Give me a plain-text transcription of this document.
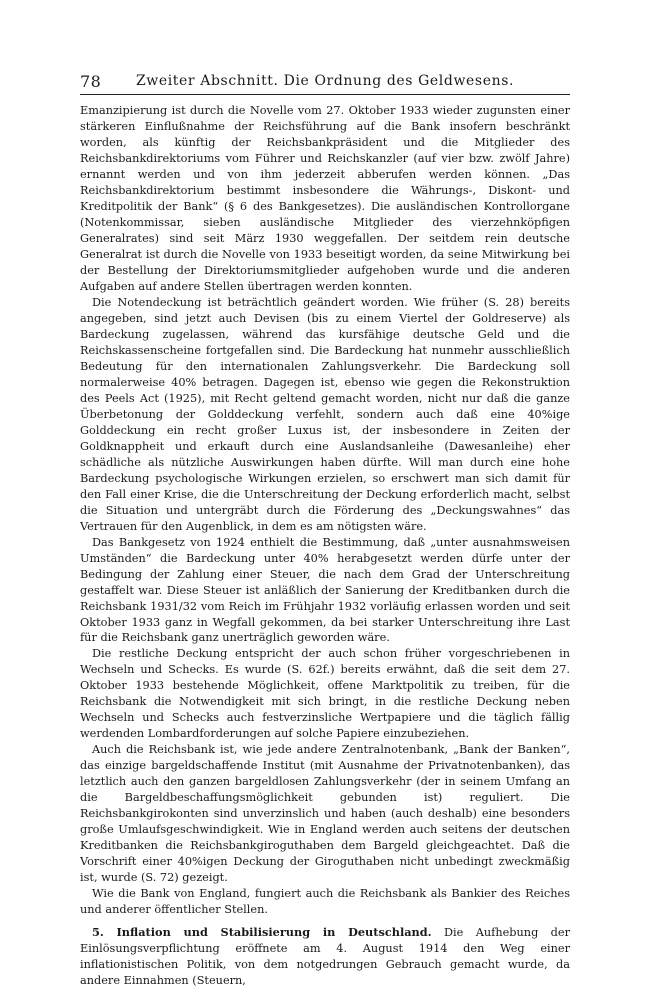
78	Zweiter Abschnitt. Die Ordnung des Geldwesens.

Emanzipierung ist durch die Novelle vom 27. Oktober 1933 wieder zugunsten einer stärkeren Einflußnahme der Reichsführung auf die Bank insofern beschränkt worden, als künftig der Reichsbankpräsident und die Mitglieder des Reichsbankdirektoriums vom Führer und Reichskanzler (auf vier bzw. zwölf Jahre) ernannt werden und von ihm jederzeit abberufen werden können. „Das Reichsbankdirektorium bestimmt insbesondere die Währungs-, Diskont- und Kreditpolitik der Bank“ (§ 6 des Bankgesetzes). Die ausländischen Kontrollorgane (Notenkommissar, sieben ausländische Mitglieder des vierzehnköpfigen Generalrates) sind seit März 1930 weggefallen. Der seitdem rein deutsche Generalrat ist durch die Novelle von 1933 beseitigt worden, da seine Mitwirkung bei der Bestellung der Direktoriumsmitglieder aufgehoben wurde und die anderen Aufgaben auf andere Stellen übertragen werden konnten.

Die Notendeckung ist beträchtlich geändert worden. Wie früher (S. 28) bereits angegeben, sind jetzt auch Devisen (bis zu einem Viertel der Goldreserve) als Bardeckung zugelassen, während das kursfähige deutsche Geld und die Reichskassenscheine fortgefallen sind. Die Bardeckung hat nunmehr ausschließlich Bedeutung für den internationalen Zahlungsverkehr. Die Bardeckung soll normalerweise 40% betragen. Dagegen ist, ebenso wie gegen die Rekonstruktion des Peels Act (1925), mit Recht geltend gemacht worden, nicht nur daß die ganze Überbetonung der Golddeckung verfehlt, sondern auch daß eine 40%ige Golddeckung ein recht großer Luxus ist, der insbesondere in Zeiten der Goldknappheit und erkauft durch eine Auslandsanleihe (Dawesanleihe) eher schädliche als nützliche Auswirkungen haben dürfte. Will man durch eine hohe Bardeckung psychologische Wirkungen erzielen, so erschwert man sich damit für den Fall einer Krise, die die Unterschreitung der Deckung erforderlich macht, selbst die Situation und untergräbt durch die Förderung des „Deckungswahnes“ das Vertrauen für den Augenblick, in dem es am nötigsten wäre.

Das Bankgesetz von 1924 enthielt die Bestimmung, daß „unter ausnahmsweisen Umständen“ die Bardeckung unter 40% herabgesetzt werden dürfe unter der Bedingung der Zahlung einer Steuer, die nach dem Grad der Unterschreitung gestaffelt war. Diese Steuer ist anläßlich der Sanierung der Kreditbanken durch die Reichsbank 1931/32 vom Reich im Frühjahr 1932 vorläufig erlassen worden und seit Oktober 1933 ganz in Wegfall gekommen, da bei starker Unterschreitung ihre Last für die Reichsbank ganz unerträglich geworden wäre.

Die restliche Deckung entspricht der auch schon früher vorgeschriebenen in Wechseln und Schecks. Es wurde (S. 62f.) bereits erwähnt, daß die seit dem 27. Oktober 1933 bestehende Möglichkeit, offene Marktpolitik zu treiben, für die Reichsbank die Notwendigkeit mit sich bringt, in die restliche Deckung neben Wechseln und Schecks auch festverzinsliche Wertpapiere und die täglich fällig werdenden Lombardforderungen auf solche Papiere einzubeziehen.

Auch die Reichsbank ist, wie jede andere Zentralnotenbank, „Bank der Banken“, das einzige bargeldschaffende Institut (mit Ausnahme der Privatnotenbanken), das letztlich auch den ganzen bargeldlosen Zahlungsverkehr (der in seinem Umfang an die Bargeldbeschaffungsmöglichkeit gebunden ist) reguliert. Die Reichsbankgirokonten sind unverzinslich und haben (auch deshalb) eine besonders große Umlaufsgeschwindigkeit. Wie in England werden auch seitens der deutschen Kreditbanken die Reichsbankgiroguthaben dem Bargeld gleichgeachtet. Daß die Vorschrift einer 40%igen Deckung der Giroguthaben nicht unbedingt zweckmäßig ist, wurde (S. 72) gezeigt.

Wie die Bank von England, fungiert auch die Reichsbank als Bankier des Reiches und anderer öffentlicher Stellen.

5. Inflation und Stabilisierung in Deutschland. Die Aufhebung der Einlösungsverpflichtung eröffnete am 4. August 1914 den Weg einer inflationistischen Politik, von dem notgedrungen Gebrauch gemacht wurde, da andere Einnahmen (Steuern,
